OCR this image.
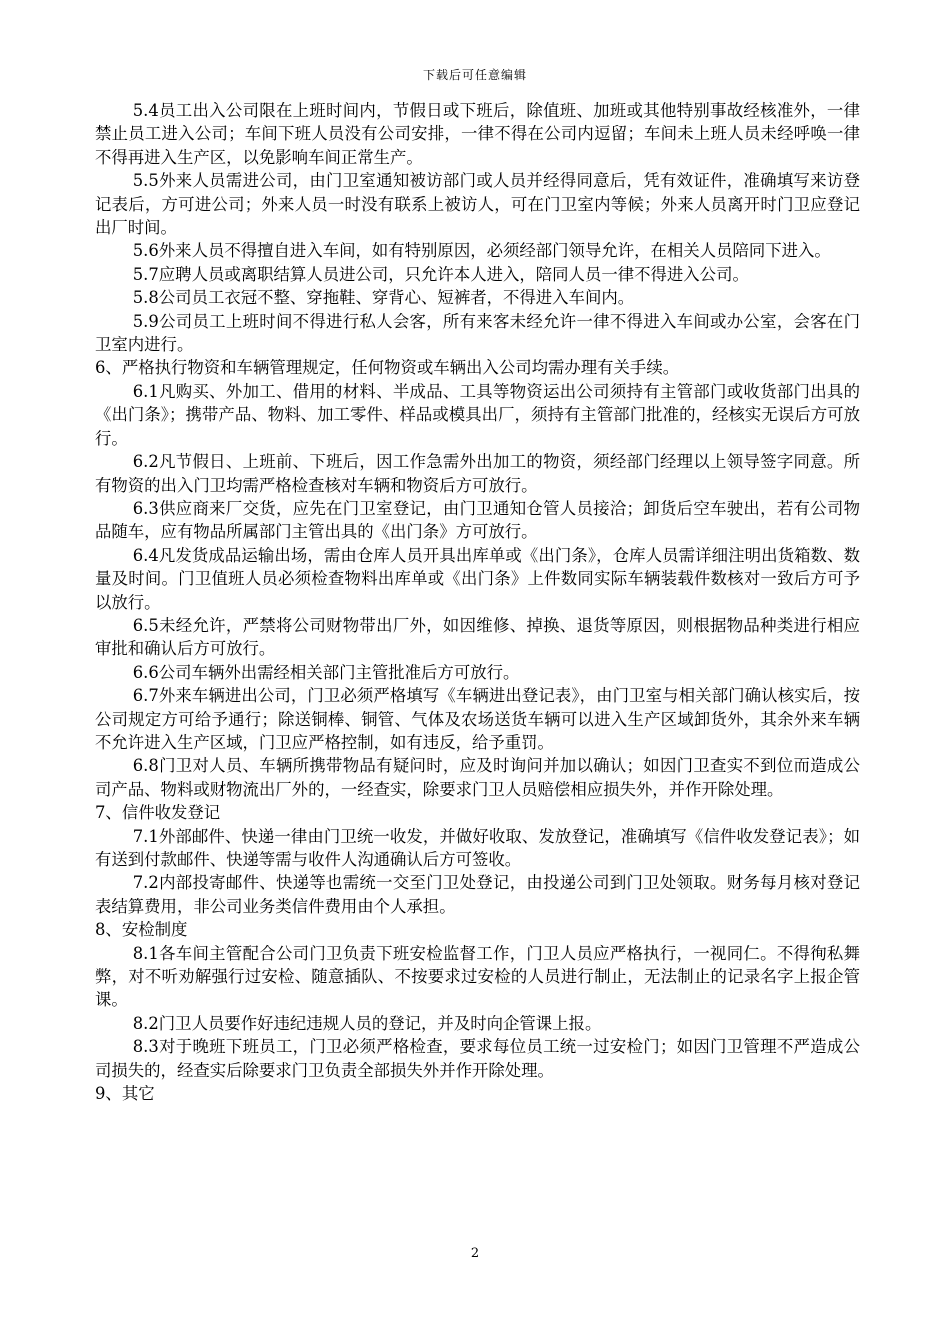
下载后可任意编辑

5.4员工出入公司限在上班时间内，节假日或下班后，除值班、加班或其他特别事故经核准外，一律禁止员工进入公司；车间下班人员没有公司安排，一律不得在公司内逗留；车间未上班人员未经呼唤一律不得再进入生产区，以免影响车间正常生产。

5.5外来人员需进公司，由门卫室通知被访部门或人员并经得同意后，凭有效证件，准确填写来访登记表后，方可进公司；外来人员一时没有联系上被访人，可在门卫室内等候；外来人员离开时门卫应登记出厂时间。

5.6外来人员不得擅自进入车间，如有特别原因，必须经部门领导允许，在相关人员陪同下进入。

5.7应聘人员或离职结算人员进公司，只允许本人进入，陪同人员一律不得进入公司。

5.8公司员工衣冠不整、穿拖鞋、穿背心、短裤者，不得进入车间内。

5.9公司员工上班时间不得进行私人会客，所有来客未经允许一律不得进入车间或办公室，会客在门卫室内进行。

6、严格执行物资和车辆管理规定，任何物资或车辆出入公司均需办理有关手续。

6.1凡购买、外加工、借用的材料、半成品、工具等物资运出公司须持有主管部门或收货部门出具的《出门条》；携带产品、物料、加工零件、样品或模具出厂，须持有主管部门批准的，经核实无误后方可放行。

6.2凡节假日、上班前、下班后，因工作急需外出加工的物资，须经部门经理以上领导签字同意。所有物资的出入门卫均需严格检查核对车辆和物资后方可放行。

6.3供应商来厂交货，应先在门卫室登记，由门卫通知仓管人员接洽；卸货后空车驶出，若有公司物品随车，应有物品所属部门主管出具的《出门条》方可放行。

6.4凡发货成品运输出场，需由仓库人员开具出库单或《出门条》，仓库人员需详细注明出货箱数、数量及时间。门卫值班人员必须检查物料出库单或《出门条》上件数同实际车辆装载件数核对一致后方可予以放行。

6.5未经允许，严禁将公司财物带出厂外，如因维修、掉换、退货等原因，则根据物品种类进行相应审批和确认后方可放行。

6.6公司车辆外出需经相关部门主管批准后方可放行。

6.7外来车辆进出公司，门卫必须严格填写《车辆进出登记表》，由门卫室与相关部门确认核实后，按公司规定方可给予通行；除送铜棒、铜管、气体及农场送货车辆可以进入生产区域卸货外，其余外来车辆不允许进入生产区域，门卫应严格控制，如有违反，给予重罚。

6.8门卫对人员、车辆所携带物品有疑问时，应及时询问并加以确认；如因门卫查实不到位而造成公司产品、物料或财物流出厂外的，一经查实，除要求门卫人员赔偿相应损失外，并作开除处理。

7、信件收发登记

7.1外部邮件、快递一律由门卫统一收发，并做好收取、发放登记，准确填写《信件收发登记表》；如有送到付款邮件、快递等需与收件人沟通确认后方可签收。

7.2内部投寄邮件、快递等也需统一交至门卫处登记，由投递公司到门卫处领取。财务每月核对登记表结算费用，非公司业务类信件费用由个人承担。

8、安检制度

8.1各车间主管配合公司门卫负责下班安检监督工作，门卫人员应严格执行，一视同仁。不得徇私舞弊，对不听劝解强行过安检、随意插队、不按要求过安检的人员进行制止，无法制止的记录名字上报企管课。

8.2门卫人员要作好违纪违规人员的登记，并及时向企管课上报。

8.3对于晚班下班员工，门卫必须严格检查，要求每位员工统一过安检门；如因门卫管理不严造成公司损失的，经查实后除要求门卫负责全部损失外并作开除处理。

9、其它

2
